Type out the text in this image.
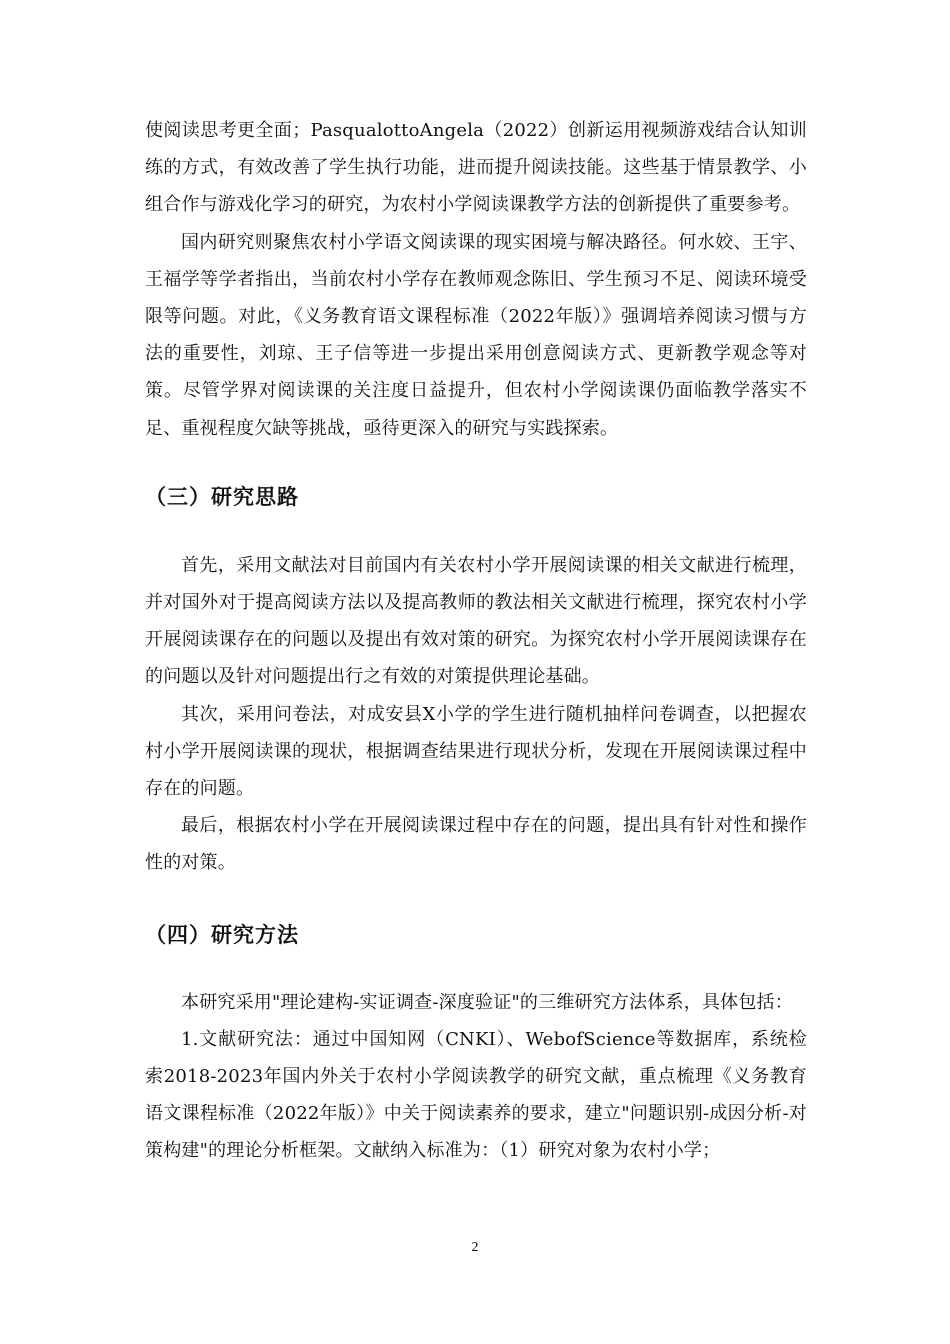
使阅读思考更全面；PasqualottoAngela（2022）创新运用视频游戏结合认知训练的方式，有效改善了学生执行功能，进而提升阅读技能。这些基于情景教学、小组合作与游戏化学习的研究，为农村小学阅读课教学方法的创新提供了重要参考。

国内研究则聚焦农村小学语文阅读课的现实困境与解决路径。何水姣、王宇、王福学等学者指出，当前农村小学存在教师观念陈旧、学生预习不足、阅读环境受限等问题。对此，《义务教育语文课程标准（2022年版）》强调培养阅读习惯与方法的重要性，刘琼、王子信等进一步提出采用创意阅读方式、更新教学观念等对策。尽管学界对阅读课的关注度日益提升，但农村小学阅读课仍面临教学落实不足、重视程度欠缺等挑战，亟待更深入的研究与实践探索。

（三）研究思路

首先，采用文献法对目前国内有关农村小学开展阅读课的相关文献进行梳理，并对国外对于提高阅读方法以及提高教师的教法相关文献进行梳理，探究农村小学开展阅读课存在的问题以及提出有效对策的研究。为探究农村小学开展阅读课存在的问题以及针对问题提出行之有效的对策提供理论基础。

其次，采用问卷法，对成安县X小学的学生进行随机抽样问卷调查，以把握农村小学开展阅读课的现状，根据调查结果进行现状分析，发现在开展阅读课过程中存在的问题。

最后，根据农村小学在开展阅读课过程中存在的问题，提出具有针对性和操作性的对策。

（四）研究方法

本研究采用"理论建构-实证调查-深度验证"的三维研究方法体系，具体包括：

1.文献研究法：通过中国知网（CNKI）、WebofScience等数据库，系统检索2018-2023年国内外关于农村小学阅读教学的研究文献，重点梳理《义务教育语文课程标准（2022年版）》中关于阅读素养的要求，建立"问题识别-成因分析-对策构建"的理论分析框架。文献纳入标准为：（1）研究对象为农村小学；

2
